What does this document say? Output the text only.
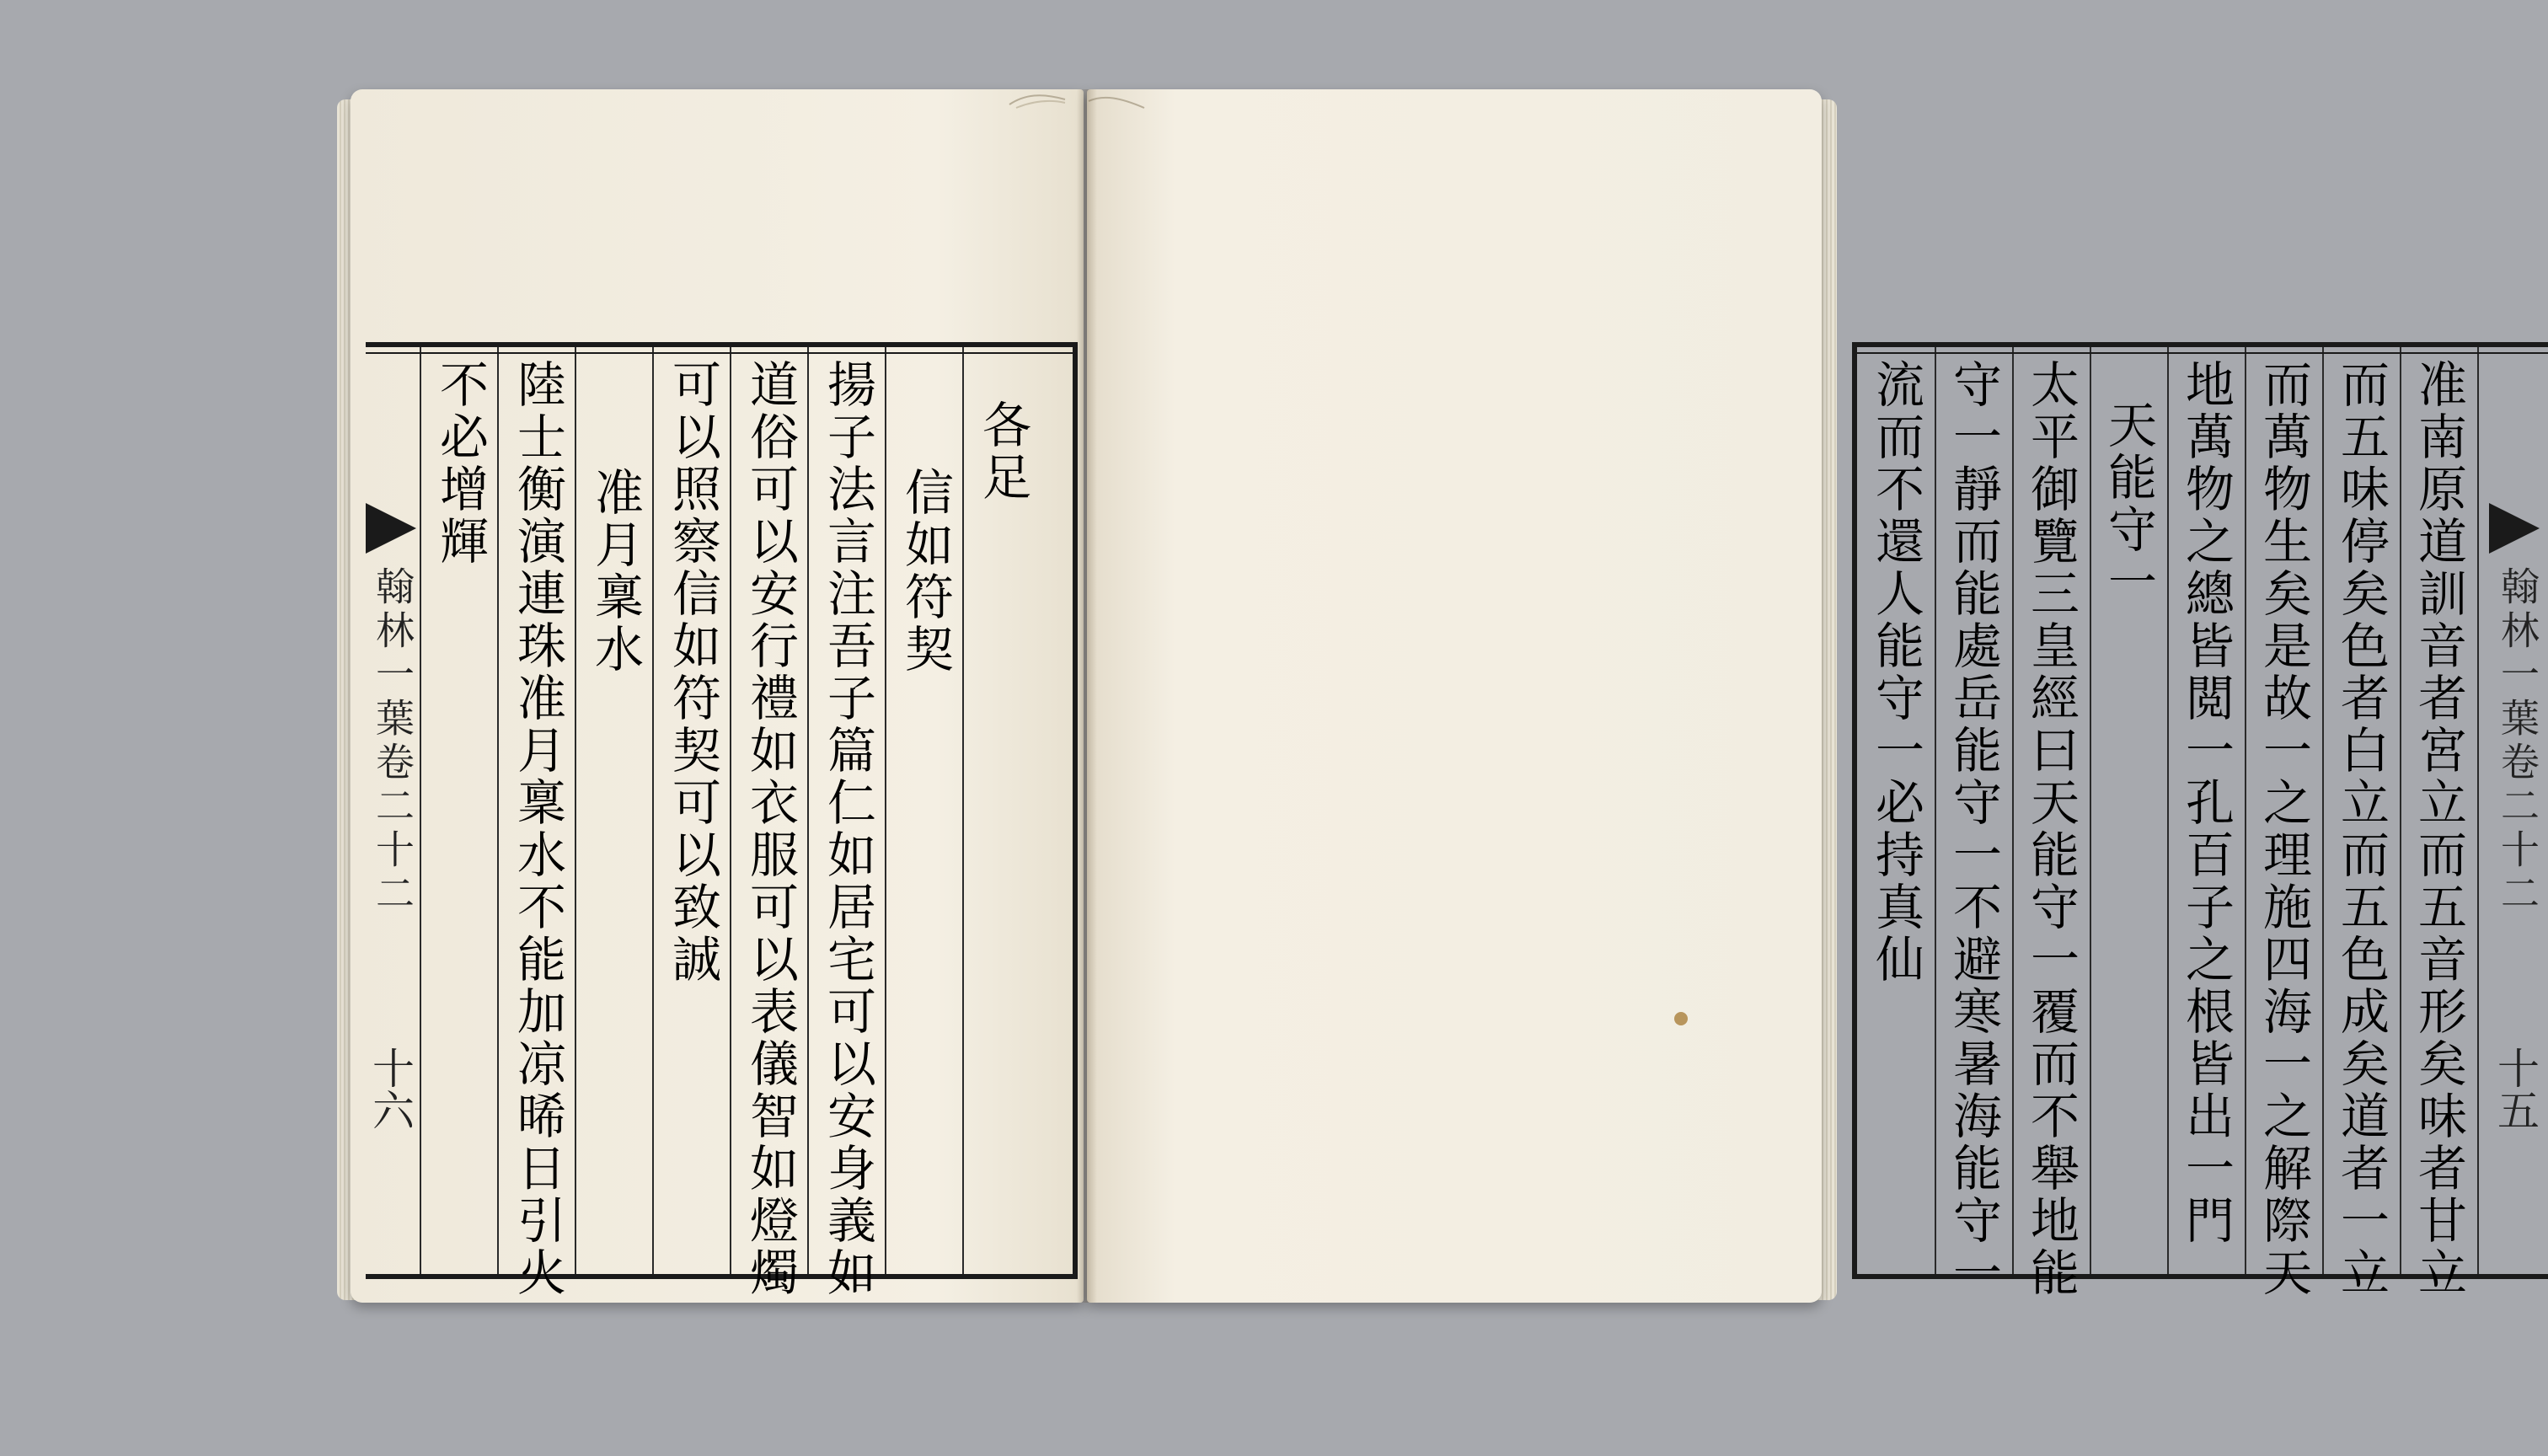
翰林一葉卷二十二
十六
不必增輝 陸士衡演連珠准月稟水不能加凉晞日引火 准月稟水 可以照察信如符契可以致誠 道俗可以安行禮如衣服可以表儀智如燈燭 揚子法言注吾子篇仁如居宅可以安身義如 信如符契
各足	流而不還人能守一必持真仙 守一靜而能處岳能守一不避寒暑海能守一 太平御覽三皇經曰天能守一覆而不舉地能 天能守一 地萬物之總皆閲一孔百子之根皆出一門 而萬物生矣是故一之理施四海一之解際天 而五味停矣色者白立而五色成矣道者一立 准南原道訓音者宮立而五音形矣味者甘立 翰林一葉卷二十二
十五
